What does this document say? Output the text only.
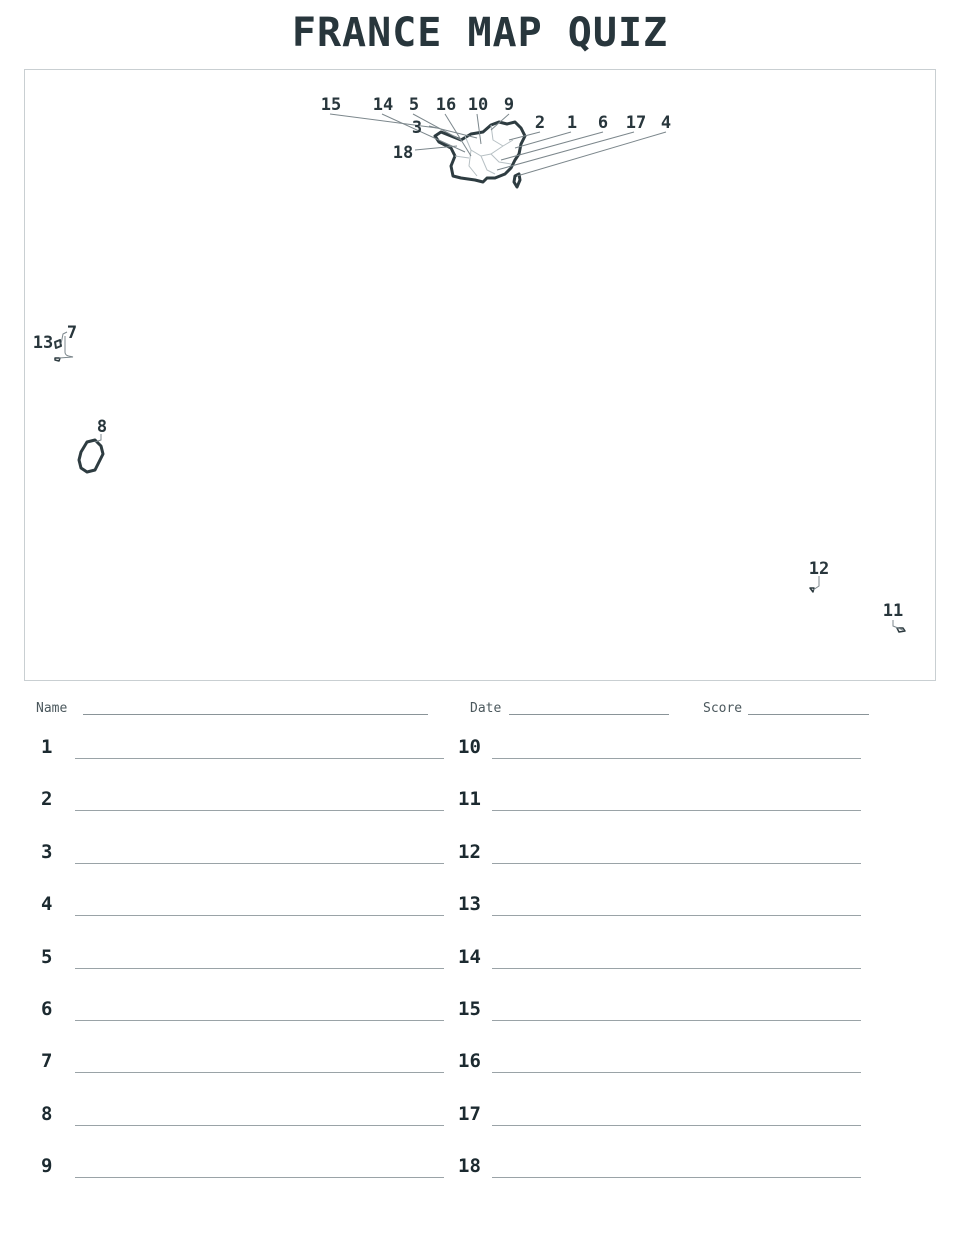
FRANCE MAP QUIZ
15 14 5 16 10 9
3	2 1 6 17 4
18
13 7
8
12
11
Name	Date	Score
1
2
3
4
5
6
7
8
9
10
11
12
13
14
15
16
17
18
